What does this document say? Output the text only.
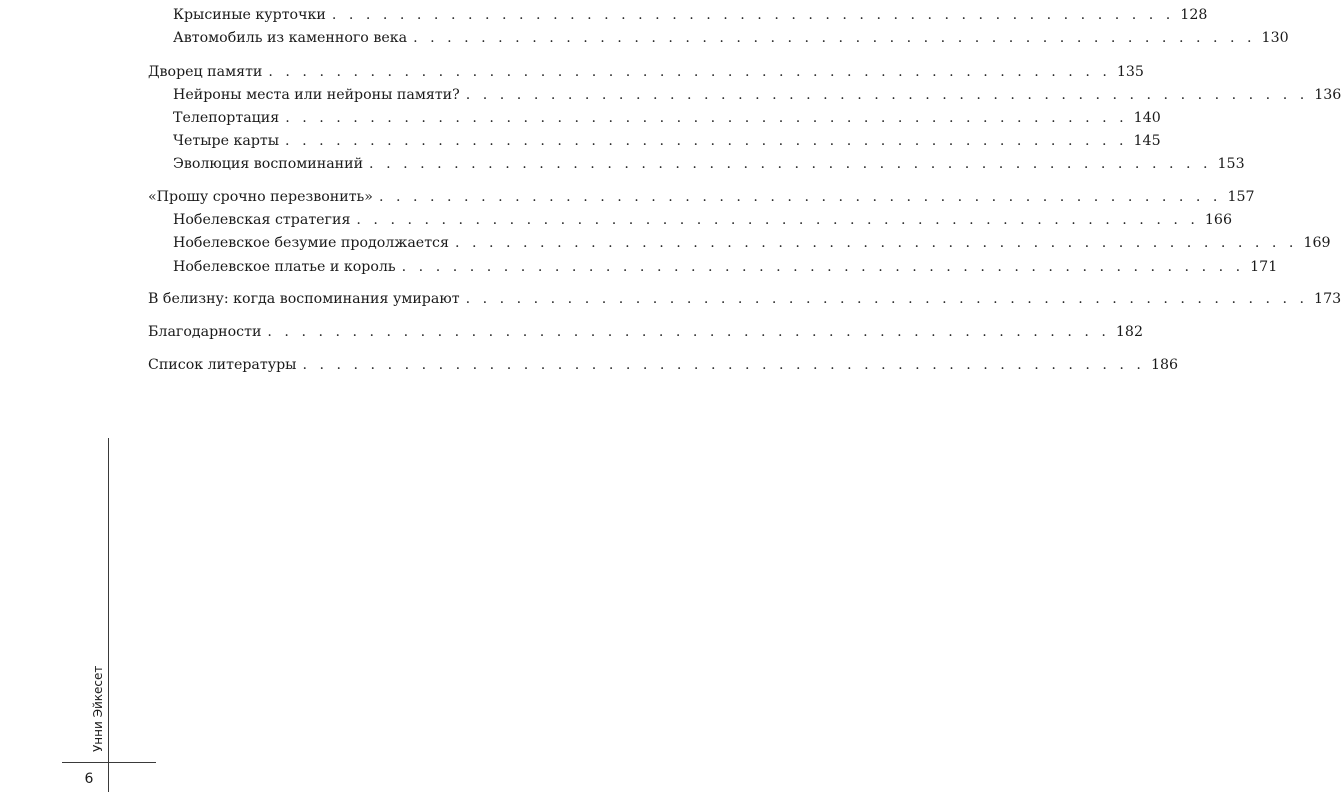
Крысиные курточки . . . . . . . . . . . . . . . . . . . . . . . . . . . . . . . . . . . . . . . . . . . . . . . . . . 128
Автомобиль из каменного века . . . . . . . . . . . . . . . . . . . . . . . . . . . . . . . . . . . . . . . . . . . . . . . . . . 130
Дворец памяти . . . . . . . . . . . . . . . . . . . . . . . . . . . . . . . . . . . . . . . . . . . . . . . . . . 135
Нейроны места или нейроны памяти? . . . . . . . . . . . . . . . . . . . . . . . . . . . . . . . . . . . . . . . . . . . . . . . . . . 136
Телепортация . . . . . . . . . . . . . . . . . . . . . . . . . . . . . . . . . . . . . . . . . . . . . . . . . . 140
Четыре карты . . . . . . . . . . . . . . . . . . . . . . . . . . . . . . . . . . . . . . . . . . . . . . . . . . 145
Эволюция воспоминаний . . . . . . . . . . . . . . . . . . . . . . . . . . . . . . . . . . . . . . . . . . . . . . . . . . 153
«Прошу срочно перезвонить» . . . . . . . . . . . . . . . . . . . . . . . . . . . . . . . . . . . . . . . . . . . . . . . . . . 157
Нобелевская стратегия . . . . . . . . . . . . . . . . . . . . . . . . . . . . . . . . . . . . . . . . . . . . . . . . . . 166
Нобелевское безумие продолжается . . . . . . . . . . . . . . . . . . . . . . . . . . . . . . . . . . . . . . . . . . . . . . . . . . 169
Нобелевское платье и король . . . . . . . . . . . . . . . . . . . . . . . . . . . . . . . . . . . . . . . . . . . . . . . . . . 171
В белизну: когда воспоминания умирают . . . . . . . . . . . . . . . . . . . . . . . . . . . . . . . . . . . . . . . . . . . . . . . . . . 173
Благодарности . . . . . . . . . . . . . . . . . . . . . . . . . . . . . . . . . . . . . . . . . . . . . . . . . . 182
Список литературы . . . . . . . . . . . . . . . . . . . . . . . . . . . . . . . . . . . . . . . . . . . . . . . . . . 186
Унни Эйкесет
6
